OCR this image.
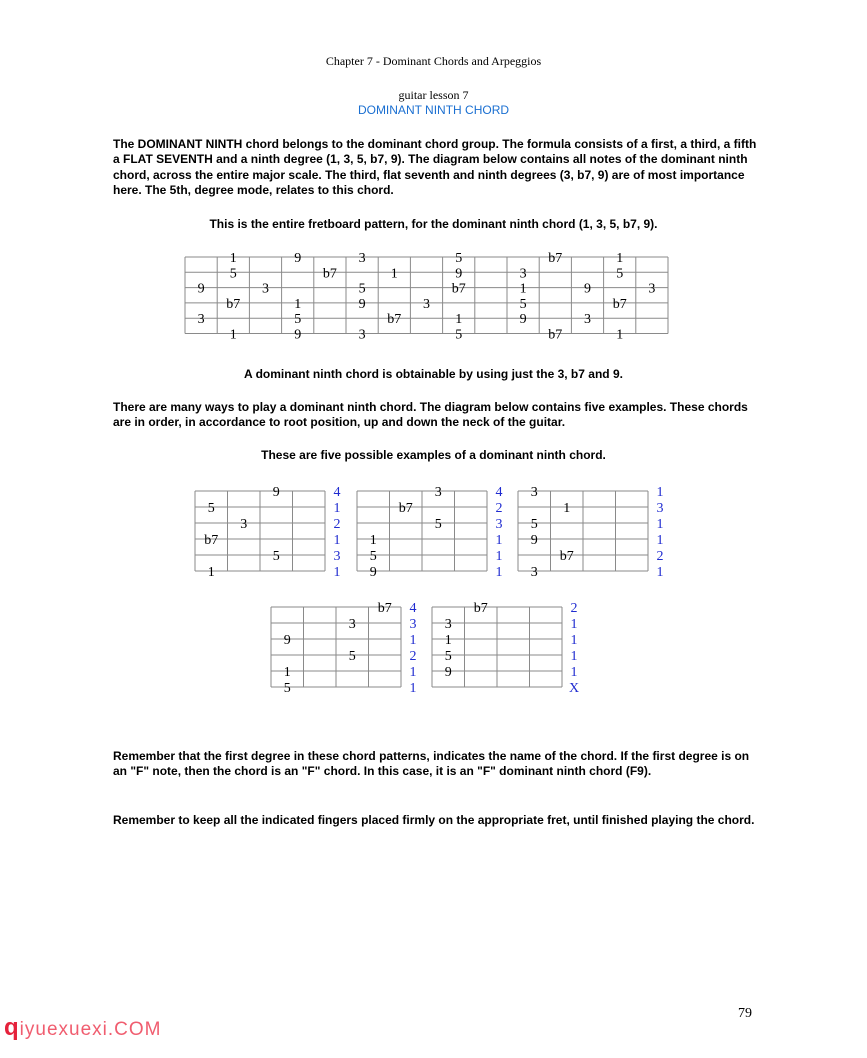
Chapter 7 - Dominant Chords and Arpeggios
guitar lesson 7
DOMINANT NINTH CHORD

The DOMINANT NINTH chord belongs to the dominant chord group. The formula consists of a first, a third, a fifth a FLAT SEVENTH and a ninth degree (1, 3, 5, b7, 9). The diagram below contains all notes of the dominant ninth chord, across the entire major scale. The third, flat seventh and ninth degrees (3, b7, 9) are of most importance here. The 5th, degree mode, relates to this chord.

This is the entire fretboard pattern, for the dominant ninth chord (1, 3, 5, b7, 9).
1	9	3	5	b7	1
5	b7	1	9	3	5
9	3	5	b7	1	9	3
b7	1	9	3	5	b7
3	5	b7	1	9	3
1	9	3	5	b7	1
9
5
3
b7
5
1
4
1
2
1
3
1
3
b7
5
1
5
9
4
2
3
1
1
1
3
1
5
9
b7
3
1
3
1
1
2
1
b7
3
9
5
1
5
4
3
1
2
1
1
b7
3
1
5
9
2
1
1
1
1
X
A dominant ninth chord is obtainable by using just the 3, b7 and 9.

There are many ways to play a dominant ninth chord. The diagram below contains five examples. These chords are in order, in accordance to root position, up and down the neck of the guitar.

These are five possible examples of a dominant ninth chord.

Remember that the first degree in these chord patterns, indicates the name of the chord. If the first degree is on an "F" note, then the chord is an "F" chord. In this case, it is an "F" dominant ninth chord (F9).

Remember to keep all the indicated fingers placed firmly on the appropriate fret, until finished playing the chord.

79
qiyuexuexi.COM
